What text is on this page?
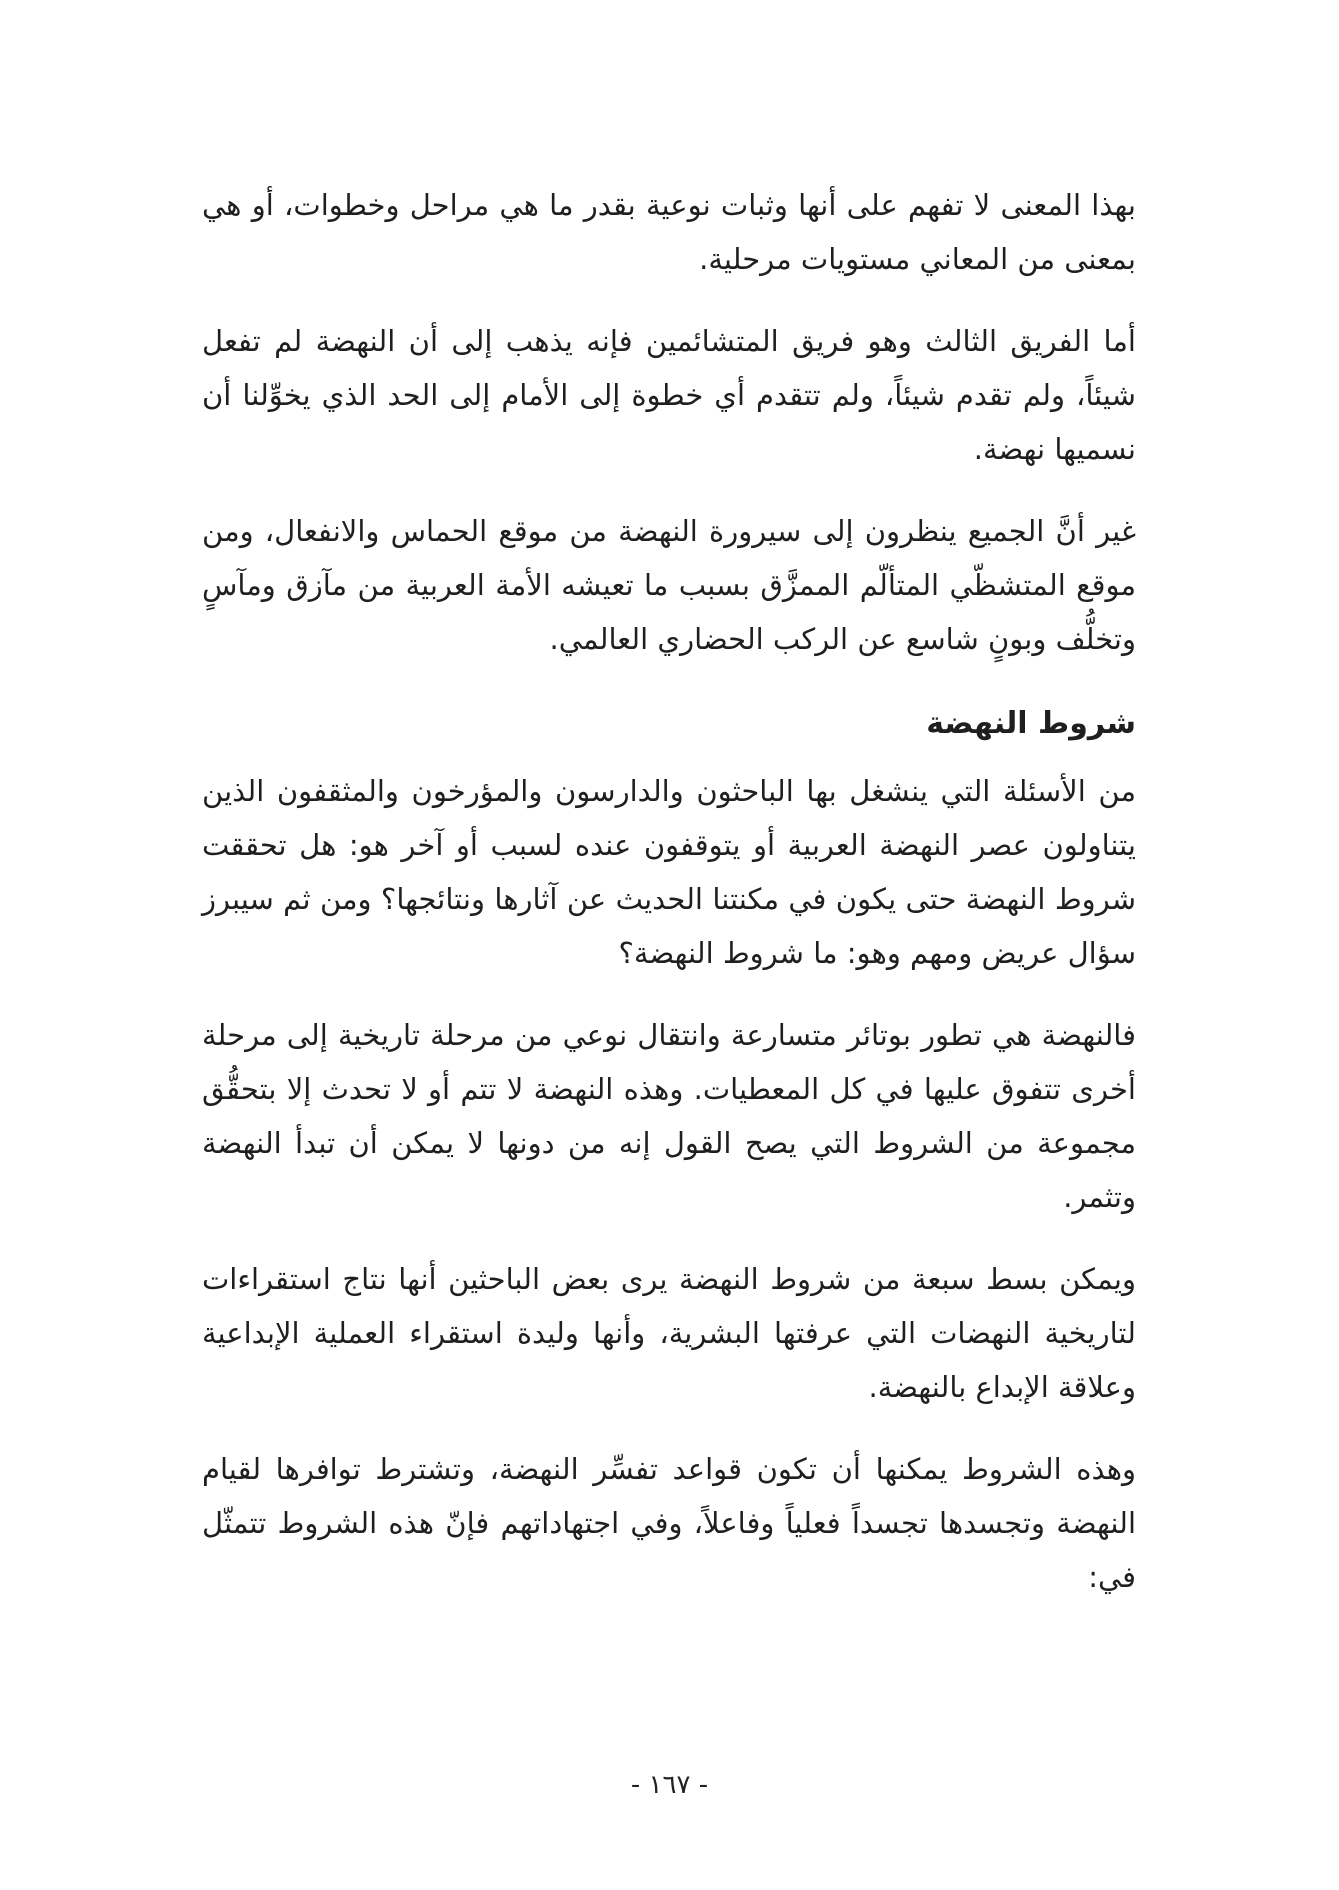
بهذا المعنى لا تفهم على أنها وثبات نوعية بقدر ما هي مراحل وخطوات، أو هي بمعنى من المعاني مستويات مرحلية.

أما الفريق الثالث وهو فريق المتشائمين فإنه يذهب إلى أن النهضة لم تفعل شيئاً، ولم تقدم شيئاً، ولم تتقدم أي خطوة إلى الأمام إلى الحد الذي يخوِّلنا أن نسميها نهضة.

غير أنَّ الجميع ينظرون إلى سيرورة النهضة من موقع الحماس والانفعال، ومن موقع المتشظّي المتألّم الممزَّق بسبب ما تعيشه الأمة العربية من مآزق ومآسٍ وتخلُّف وبونٍ شاسع عن الركب الحضاري العالمي.

شروط النهضة

من الأسئلة التي ينشغل بها الباحثون والدارسون والمؤرخون والمثقفون الذين يتناولون عصر النهضة العربية أو يتوقفون عنده لسبب أو آخر هو: هل تحققت شروط النهضة حتى يكون في مكنتنا الحديث عن آثارها ونتائجها؟ ومن ثم سيبرز سؤال عريض ومهم وهو: ما شروط النهضة؟

فالنهضة هي تطور بوتائر متسارعة وانتقال نوعي من مرحلة تاريخية إلى مرحلة أخرى تتفوق عليها في كل المعطيات. وهذه النهضة لا تتم أو لا تحدث إلا بتحقُّق مجموعة من الشروط التي يصح القول إنه من دونها لا يمكن أن تبدأ النهضة وتثمر.

ويمكن بسط سبعة من شروط النهضة يرى بعض الباحثين أنها نتاج استقراءات لتاريخية النهضات التي عرفتها البشرية، وأنها وليدة استقراء العملية الإبداعية وعلاقة الإبداع بالنهضة.

وهذه الشروط يمكنها أن تكون قواعد تفسِّر النهضة، وتشترط توافرها لقيام النهضة وتجسدها تجسداً فعلياً وفاعلاً، وفي اجتهاداتهم فإنّ هذه الشروط تتمثّل في:

- ١٦٧ -
